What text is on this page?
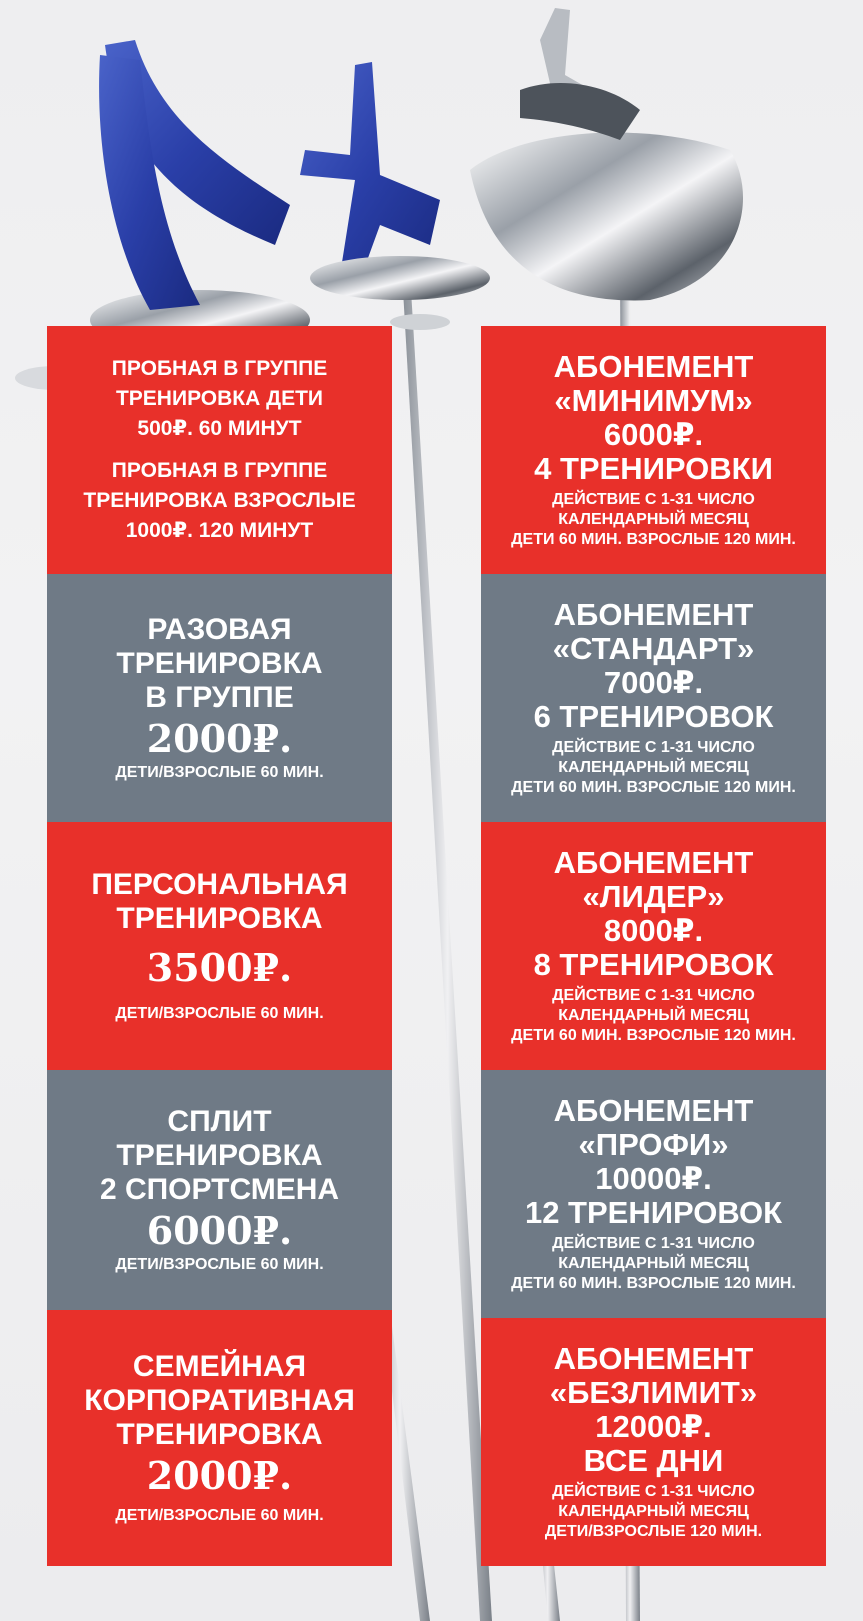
ПРОБНАЯ В ГРУППЕ
ТРЕНИРОВКА ДЕТИ
500₽. 60 МИНУТ
ПРОБНАЯ В ГРУППЕ
ТРЕНИРОВКА ВЗРОСЛЫЕ
1000₽. 120 МИНУТ
РАЗОВАЯ
ТРЕНИРОВКА
В ГРУППЕ
2000₽.
ДЕТИ/ВЗРОСЛЫЕ 60 МИН.
ПЕРСОНАЛЬНАЯ
ТРЕНИРОВКА
3500₽.
ДЕТИ/ВЗРОСЛЫЕ 60 МИН.
СПЛИТ
ТРЕНИРОВКА
2 СПОРТСМЕНА
6000₽.
ДЕТИ/ВЗРОСЛЫЕ 60 МИН.
СЕМЕЙНАЯ
КОРПОРАТИВНАЯ
ТРЕНИРОВКА
2000₽.
ДЕТИ/ВЗРОСЛЫЕ 60 МИН.
АБОНЕМЕНТ
«МИНИМУМ»
6000₽.
4 ТРЕНИРОВКИ
ДЕЙСТВИЕ С 1-31 ЧИСЛО
КАЛЕНДАРНЫЙ МЕСЯЦ
ДЕТИ 60 МИН. ВЗРОСЛЫЕ 120 МИН.
АБОНЕМЕНТ
«СТАНДАРТ»
7000₽.
6 ТРЕНИРОВОК
ДЕЙСТВИЕ С 1-31 ЧИСЛО
КАЛЕНДАРНЫЙ МЕСЯЦ
ДЕТИ 60 МИН. ВЗРОСЛЫЕ 120 МИН.
АБОНЕМЕНТ
«ЛИДЕР»
8000₽.
8 ТРЕНИРОВОК
ДЕЙСТВИЕ С 1-31 ЧИСЛО
КАЛЕНДАРНЫЙ МЕСЯЦ
ДЕТИ 60 МИН. ВЗРОСЛЫЕ 120 МИН.
АБОНЕМЕНТ
«ПРОФИ»
10000₽.
12 ТРЕНИРОВОК
ДЕЙСТВИЕ С 1-31 ЧИСЛО
КАЛЕНДАРНЫЙ МЕСЯЦ
ДЕТИ 60 МИН. ВЗРОСЛЫЕ 120 МИН.
АБОНЕМЕНТ
«БЕЗЛИМИТ»
12000₽.
ВСЕ ДНИ
ДЕЙСТВИЕ С 1-31 ЧИСЛО
КАЛЕНДАРНЫЙ МЕСЯЦ
ДЕТИ/ВЗРОСЛЫЕ 120 МИН.
